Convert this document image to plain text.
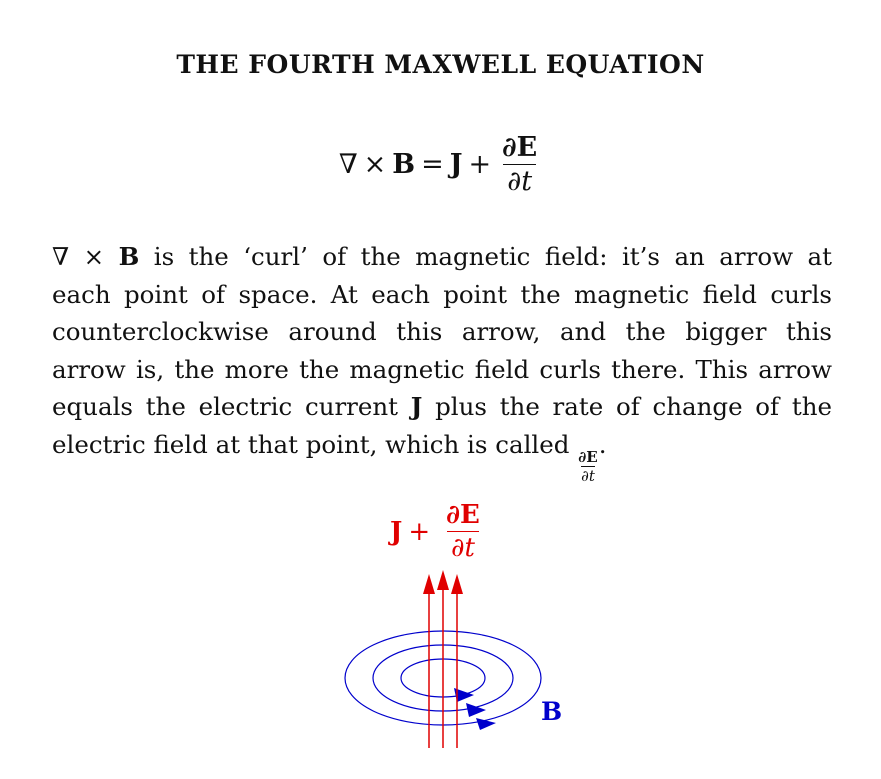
THE FOURTH MAXWELL EQUATION
∇ × $B = J + \frac{\partial E}{\partial t}$
∇ × B is the ‘curl’ of the magnetic field: it’s an arrow at
each point of space. At each point the magnetic field curls
counterclockwise around this arrow, and the bigger this
arrow is, the more the magnetic field curls there. This arrow
equals the electric current J plus the rate of change of the
electric field at that point, which is called
$\frac{\partial E}{\partial t}$
.
$J + \frac{\partial E}{\partial t}$
B
